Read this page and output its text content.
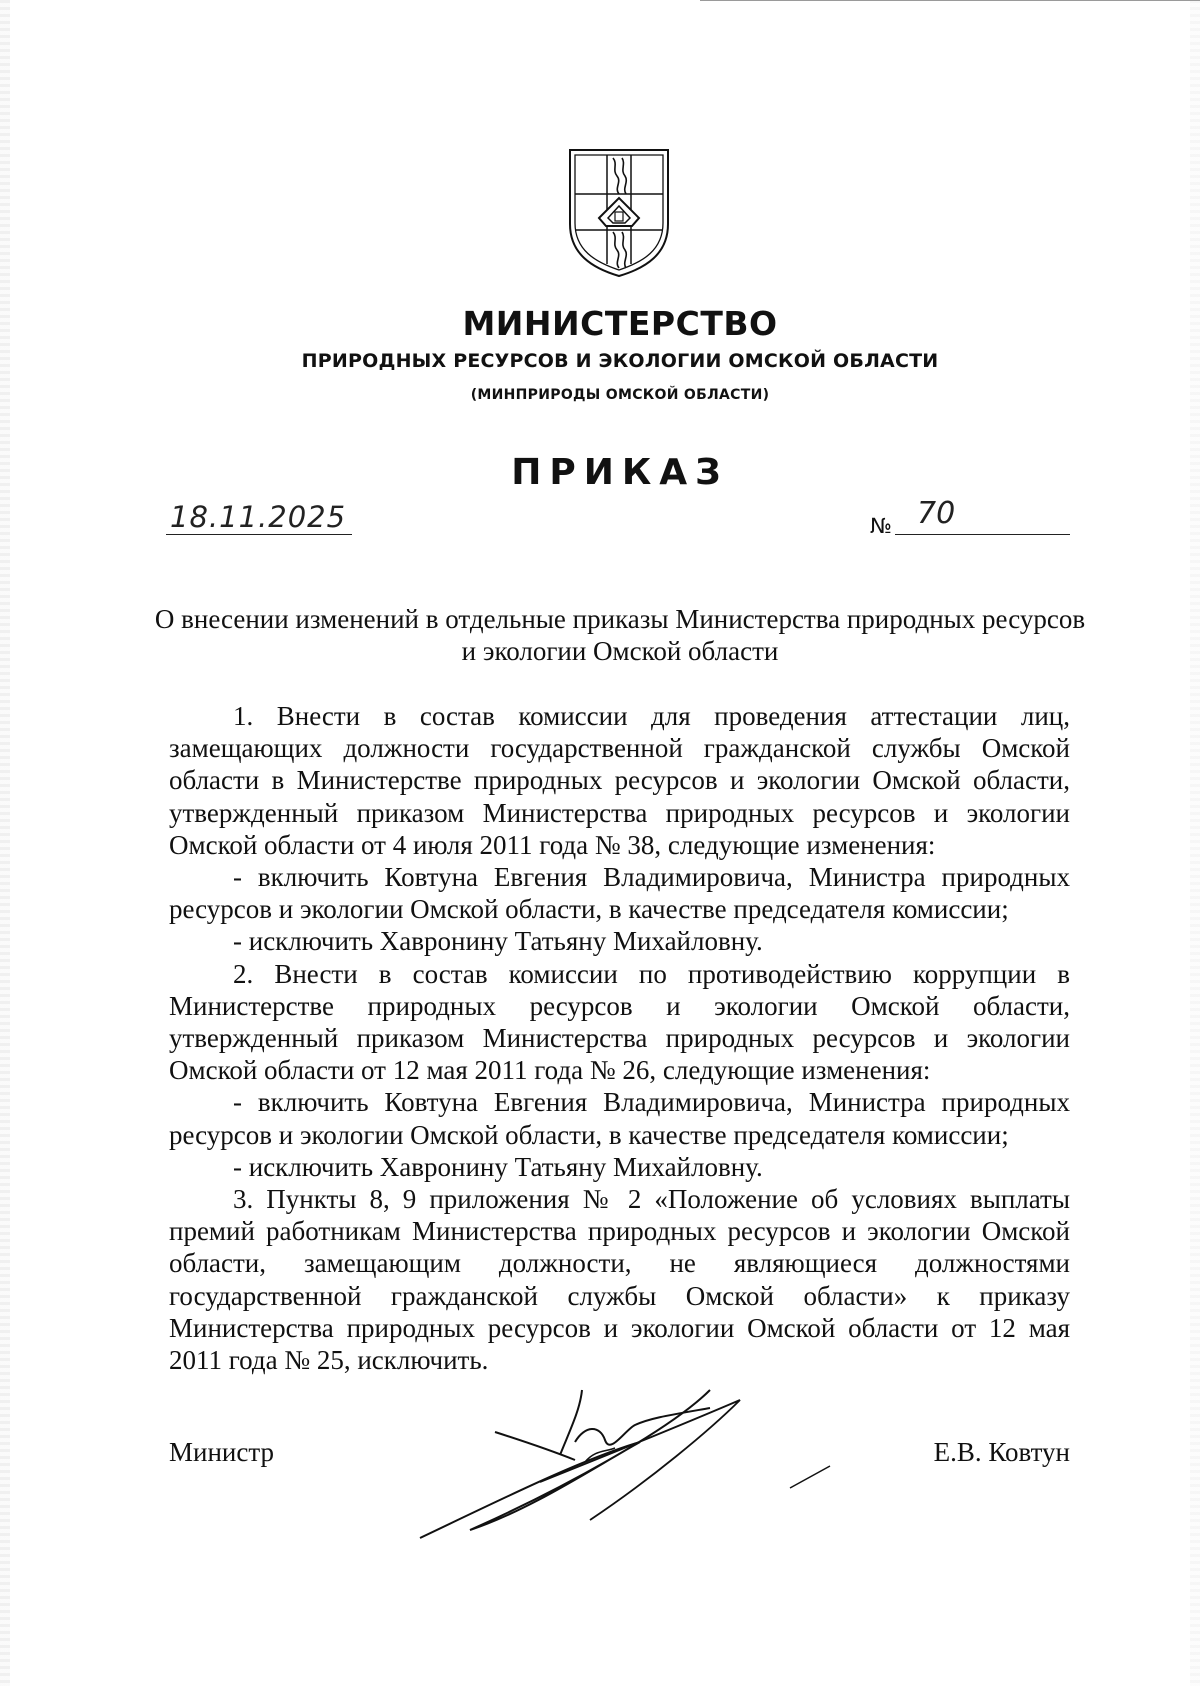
МИНИСТЕРСТВО
ПРИРОДНЫХ РЕСУРСОВ И ЭКОЛОГИИ ОМСКОЙ ОБЛАСТИ
(МИНПРИРОДЫ ОМСКОЙ ОБЛАСТИ)
ПРИКАЗ
18.11.2025	№ 70
О внесении изменений в отдельные приказы Министерства природных ресурсов и экологии Омской области

1. Внести в состав комиссии для проведения аттестации лиц, замещающих должности государственной гражданской службы Омской области в Министерстве природных ресурсов и экологии Омской области, утвержденный приказом Министерства природных ресурсов и экологии Омской области от 4 июля 2011 года № 38, следующие изменения:

- включить Ковтуна Евгения Владимировича, Министра природных ресурсов и экологии Омской области, в качестве председателя комиссии;

- исключить Хавронину Татьяну Михайловну.

2. Внести в состав комиссии по противодействию коррупции в Министерстве природных ресурсов и экологии Омской области, утвержденный приказом Министерства природных ресурсов и экологии Омской области от 12 мая 2011 года № 26, следующие изменения:

- включить Ковтуна Евгения Владимировича, Министра природных ресурсов и экологии Омской области, в качестве председателя комиссии;

- исключить Хавронину Татьяну Михайловну.

3. Пункты 8, 9 приложения № 2 «Положение об условиях выплаты премий работникам Министерства природных ресурсов и экологии Омской области, замещающим должности, не являющиеся должностями государственной гражданской службы Омской области» к приказу Министерства природных ресурсов и экологии Омской области от 12 мая 2011 года № 25, исключить.

Министр	Е.В. Ковтун
